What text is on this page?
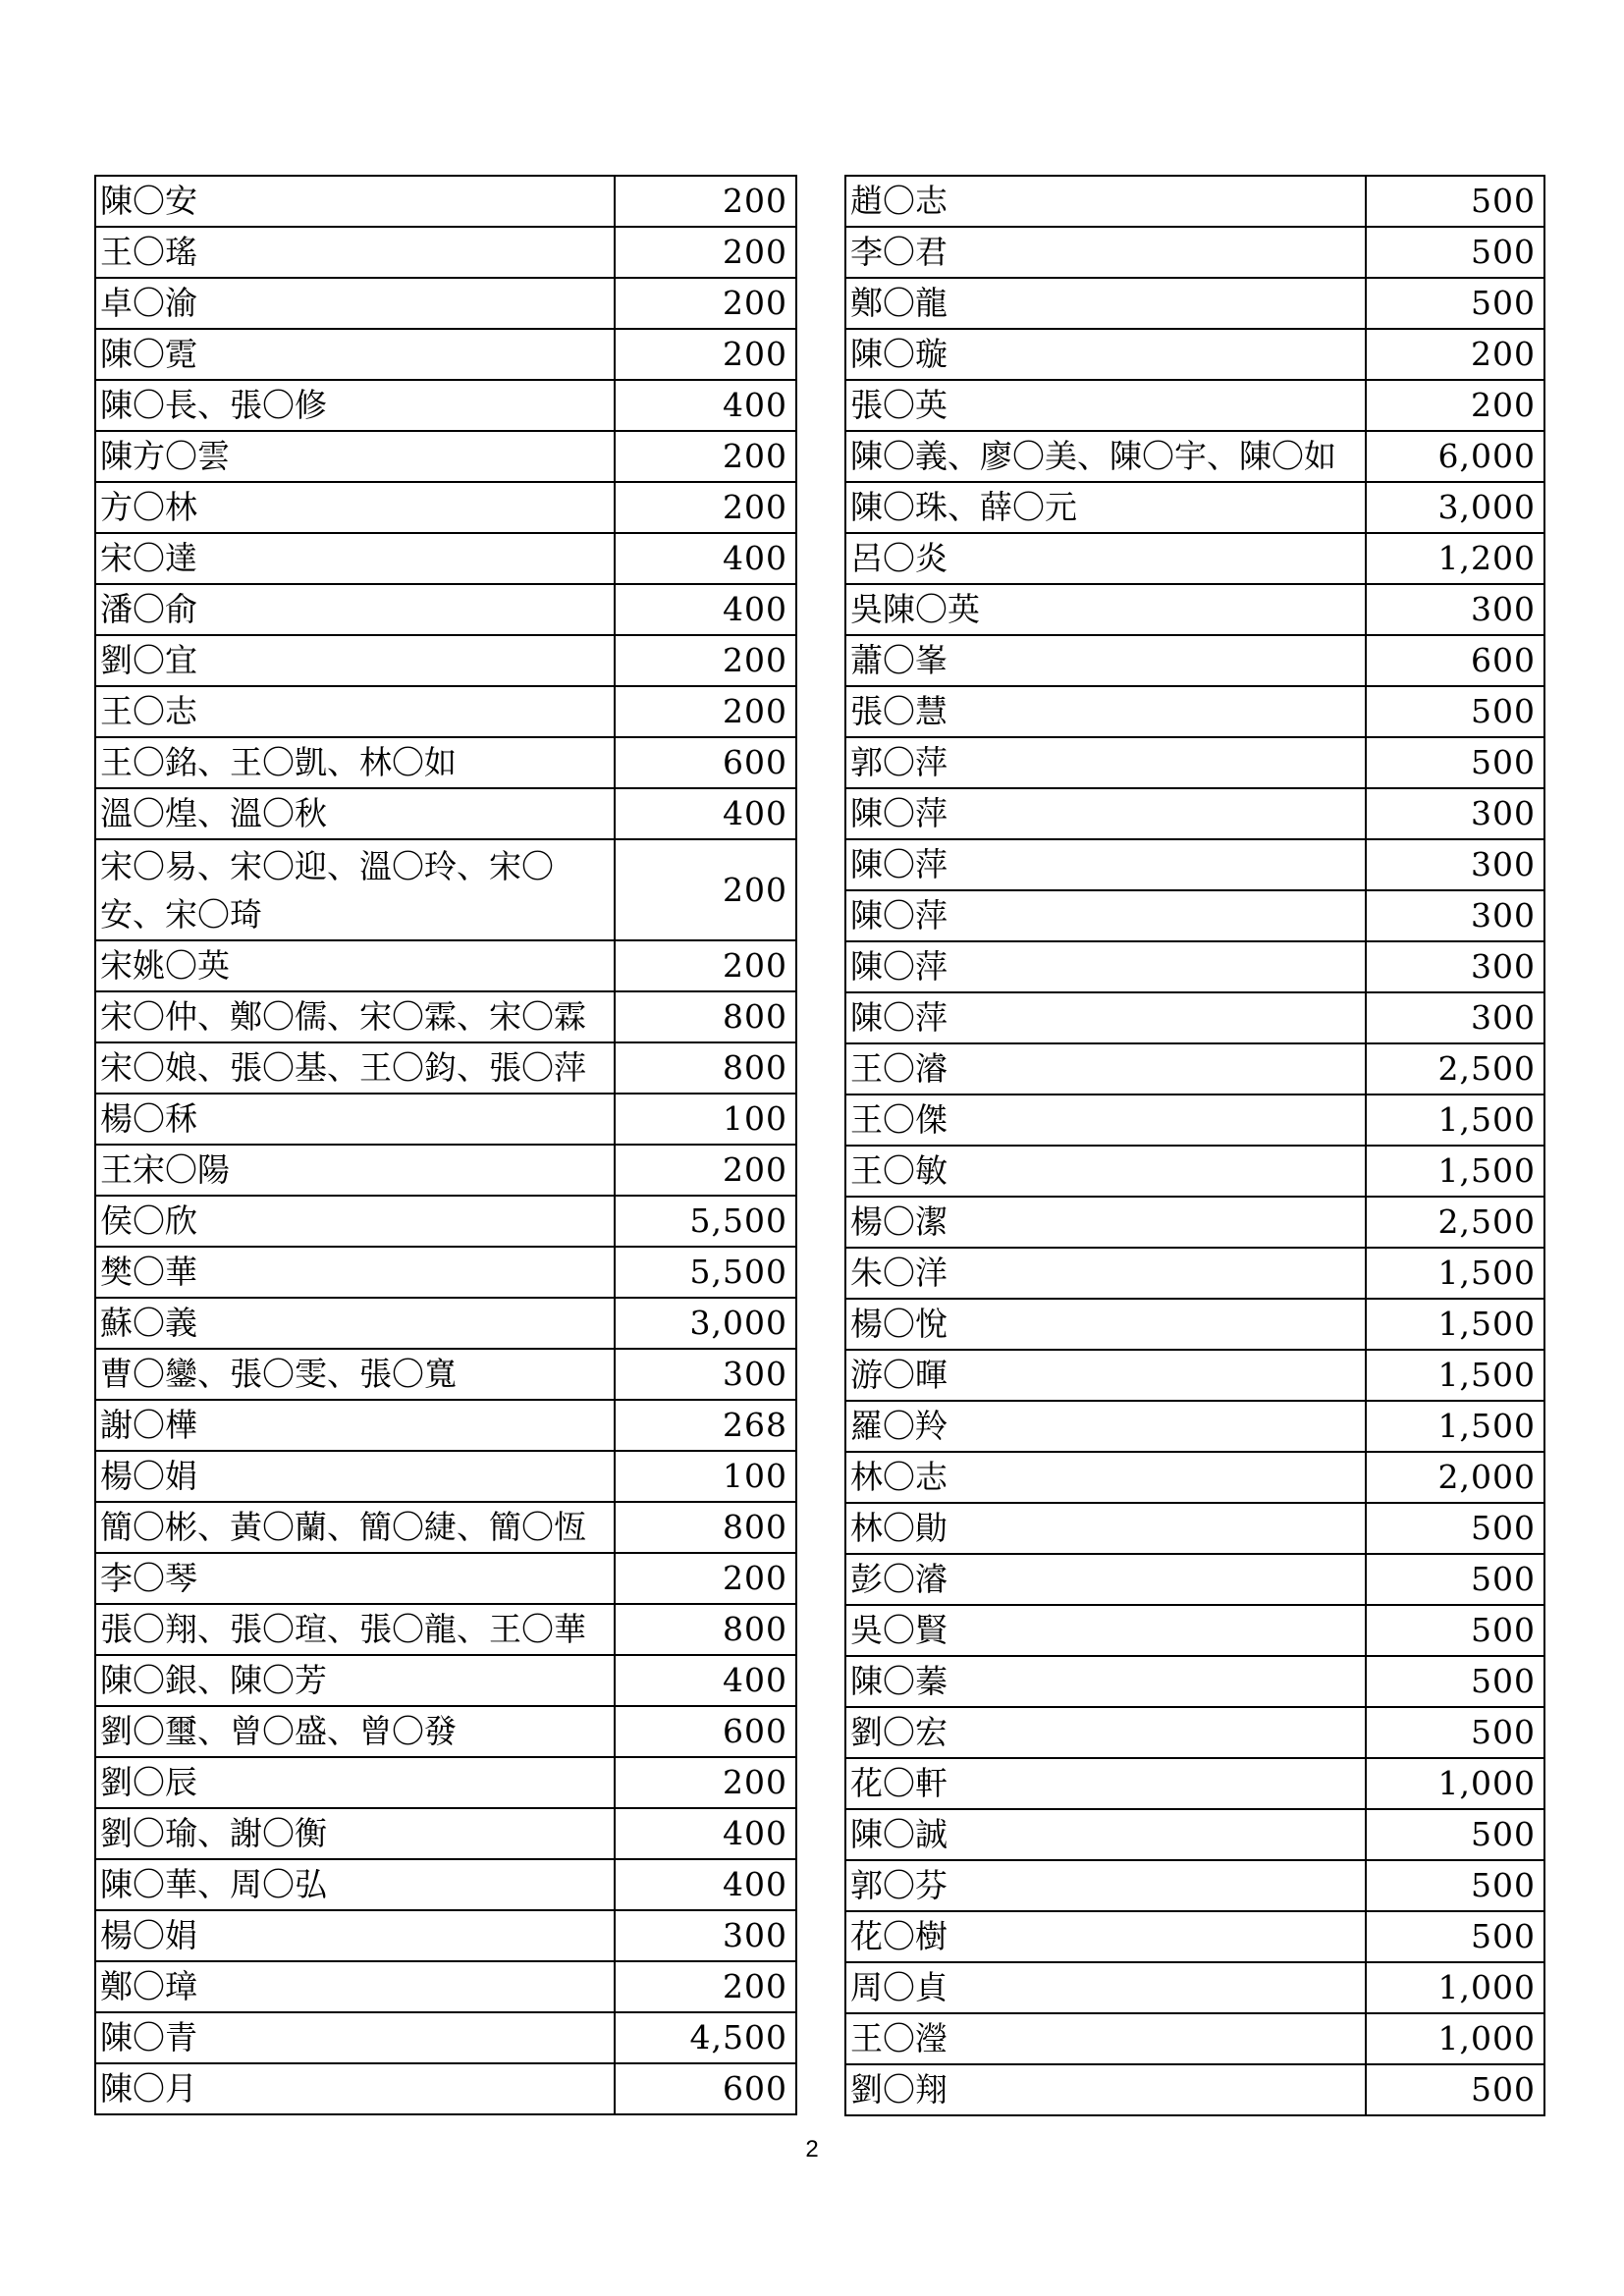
陳〇安	200
王〇瑤	200
卓〇渝	200
陳〇霓	200
陳〇長、張〇修	400
陳方〇雲	200
方〇林	200
宋〇達	400
潘〇俞	400
劉〇宜	200
王〇志	200
王〇銘、王〇凱、林〇如	600
溫〇煌、溫〇秋	400
宋〇易、宋〇迎、溫〇玲、宋〇安、宋〇琦	200
宋姚〇英	200
宋〇仲、鄭〇儒、宋〇霖、宋〇霖	800
宋〇娘、張〇基、王〇鈞、張〇萍	800
楊〇秝	100
王宋〇陽	200
侯〇欣	5,500
樊〇華	5,500
蘇〇義	3,000
曹〇鑾、張〇雯、張〇寬	300
謝〇樺	268
楊〇娟	100
簡〇彬、黃〇蘭、簡〇緁、簡〇恆	800
李〇琴	200
張〇翔、張〇瑄、張〇龍、王〇華	800
陳〇銀、陳〇芳	400
劉〇璽、曾〇盛、曾〇發	600
劉〇辰	200
劉〇瑜、謝〇衡	400
陳〇華、周〇弘	400
楊〇娟	300
鄭〇璋	200
陳〇青	4,500
陳〇月	600
趙〇志	500
李〇君	500
鄭〇龍	500
陳〇璇	200
張〇英	200
陳〇義、廖〇美、陳〇宇、陳〇如	6,000
陳〇珠、薛〇元	3,000
呂〇炎	1,200
吳陳〇英	300
蕭〇峯	600
張〇慧	500
郭〇萍	500
陳〇萍	300
陳〇萍	300
陳〇萍	300
陳〇萍	300
陳〇萍	300
王〇濬	2,500
王〇傑	1,500
王〇敏	1,500
楊〇潔	2,500
朱〇洋	1,500
楊〇悅	1,500
游〇暉	1,500
羅〇羚	1,500
林〇志	2,000
林〇勛	500
彭〇濬	500
吳〇賢	500
陳〇蓁	500
劉〇宏	500
花〇軒	1,000
陳〇誠	500
郭〇芬	500
花〇樹	500
周〇貞	1,000
王〇瀅	1,000
劉〇翔	500
2
